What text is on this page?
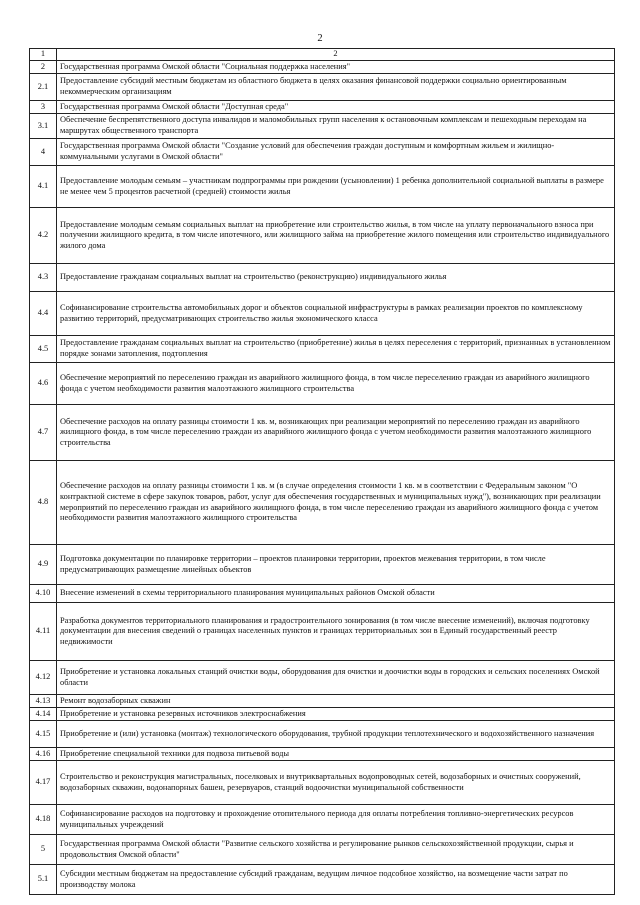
2
1	2
2	Государственная программа Омской области "Социальная поддержка населения"
2.1	Предоставление субсидий местным бюджетам из областного бюджета в целях оказания финансовой поддержки социально ориентированным некоммерческим организациям
3	Государственная программа Омской области "Доступная среда"
3.1	Обеспечение беспрепятственного доступа инвалидов и маломобильных групп населения к остановочным комплексам и пешеходным переходам на маршрутах общественного транспорта
4	Государственная программа Омской области "Создание условий для обеспечения граждан доступным и комфортным жильем и жилищно-коммунальными услугами в Омской области"
4.1	Предоставление молодым семьям – участникам подпрограммы при рождении (усыновлении) 1 ребенка дополнительной социальной выплаты в размере не менее чем 5 процентов расчетной (средней) стоимости жилья
4.2	Предоставление молодым семьям социальных выплат на приобретение или строительство жилья, в том числе на уплату первоначального взноса при получении жилищного кредита, в том числе ипотечного, или жилищного займа на приобретение жилого помещения или строительство индивидуального жилого дома
4.3	Предоставление гражданам социальных выплат на строительство (реконструкцию) индивидуального жилья
4.4	Софинансирование строительства автомобильных дорог и объектов социальной инфраструктуры в рамках реализации проектов по комплексному развитию территорий, предусматривающих строительство жилья экономического класса
4.5	Предоставление гражданам социальных выплат на строительство (приобретение) жилья в целях переселения с территорий, признанных в установленном порядке зонами затопления, подтопления
4.6	Обеспечение мероприятий по переселению граждан из аварийного жилищного фонда, в том числе переселению граждан из аварийного жилищного фонда с учетом необходимости развития малоэтажного жилищного строительства
4.7	Обеспечение расходов на оплату разницы стоимости 1 кв. м, возникающих при реализации мероприятий по переселению граждан из аварийного жилищного фонда, в том числе переселению граждан из аварийного жилищного фонда с учетом необходимости развития малоэтажного жилищного строительства
4.8	Обеспечение расходов на оплату разницы стоимости 1 кв. м (в случае определения стоимости 1 кв. м в соответствии с Федеральным законом "О контрактной системе в сфере закупок товаров, работ, услуг для обеспечения государственных и муниципальных нужд"), возникающих при реализации мероприятий по переселению граждан из аварийного жилищного фонда, в том числе переселению граждан из аварийного жилищного фонда с учетом необходимости развития малоэтажного жилищного строительства
4.9	Подготовка документации по планировке территории – проектов планировки территории, проектов межевания территории, в том числе предусматривающих размещение линейных объектов
4.10	Внесение изменений в схемы территориального планирования муниципальных районов Омской области
4.11	Разработка документов территориального планирования и градостроительного зонирования (в том числе внесение изменений), включая подготовку документации для внесения сведений о границах населенных пунктов и границах территориальных зон в Единый государственный реестр недвижимости
4.12	Приобретение и установка локальных станций очистки воды, оборудования для очистки и доочистки воды в городских и сельских поселениях Омской области
4.13	Ремонт водозаборных скважин
4.14	Приобретение и установка резервных источников электроснабжения
4.15	Приобретение и (или) установка (монтаж) технологического оборудования, трубной продукции теплотехнического и водохозяйственного назначения
4.16	Приобретение специальной техники для подвоза питьевой воды
4.17	Строительство и реконструкция магистральных, поселковых и внутриквартальных водопроводных сетей, водозаборных и очистных сооружений, водозаборных скважин, водонапорных башен, резервуаров, станций водоочистки муниципальной собственности
4.18	Софинансирование расходов на подготовку и прохождение отопительного периода для оплаты потребления топливно-энергетических ресурсов муниципальных учреждений
5	Государственная программа Омской области "Развитие сельского хозяйства и регулирование рынков сельскохозяйственной продукции, сырья и продовольствия Омской области"
5.1	Субсидии местным бюджетам на предоставление субсидий гражданам, ведущим личное подсобное хозяйство, на возмещение части затрат по производству молока
